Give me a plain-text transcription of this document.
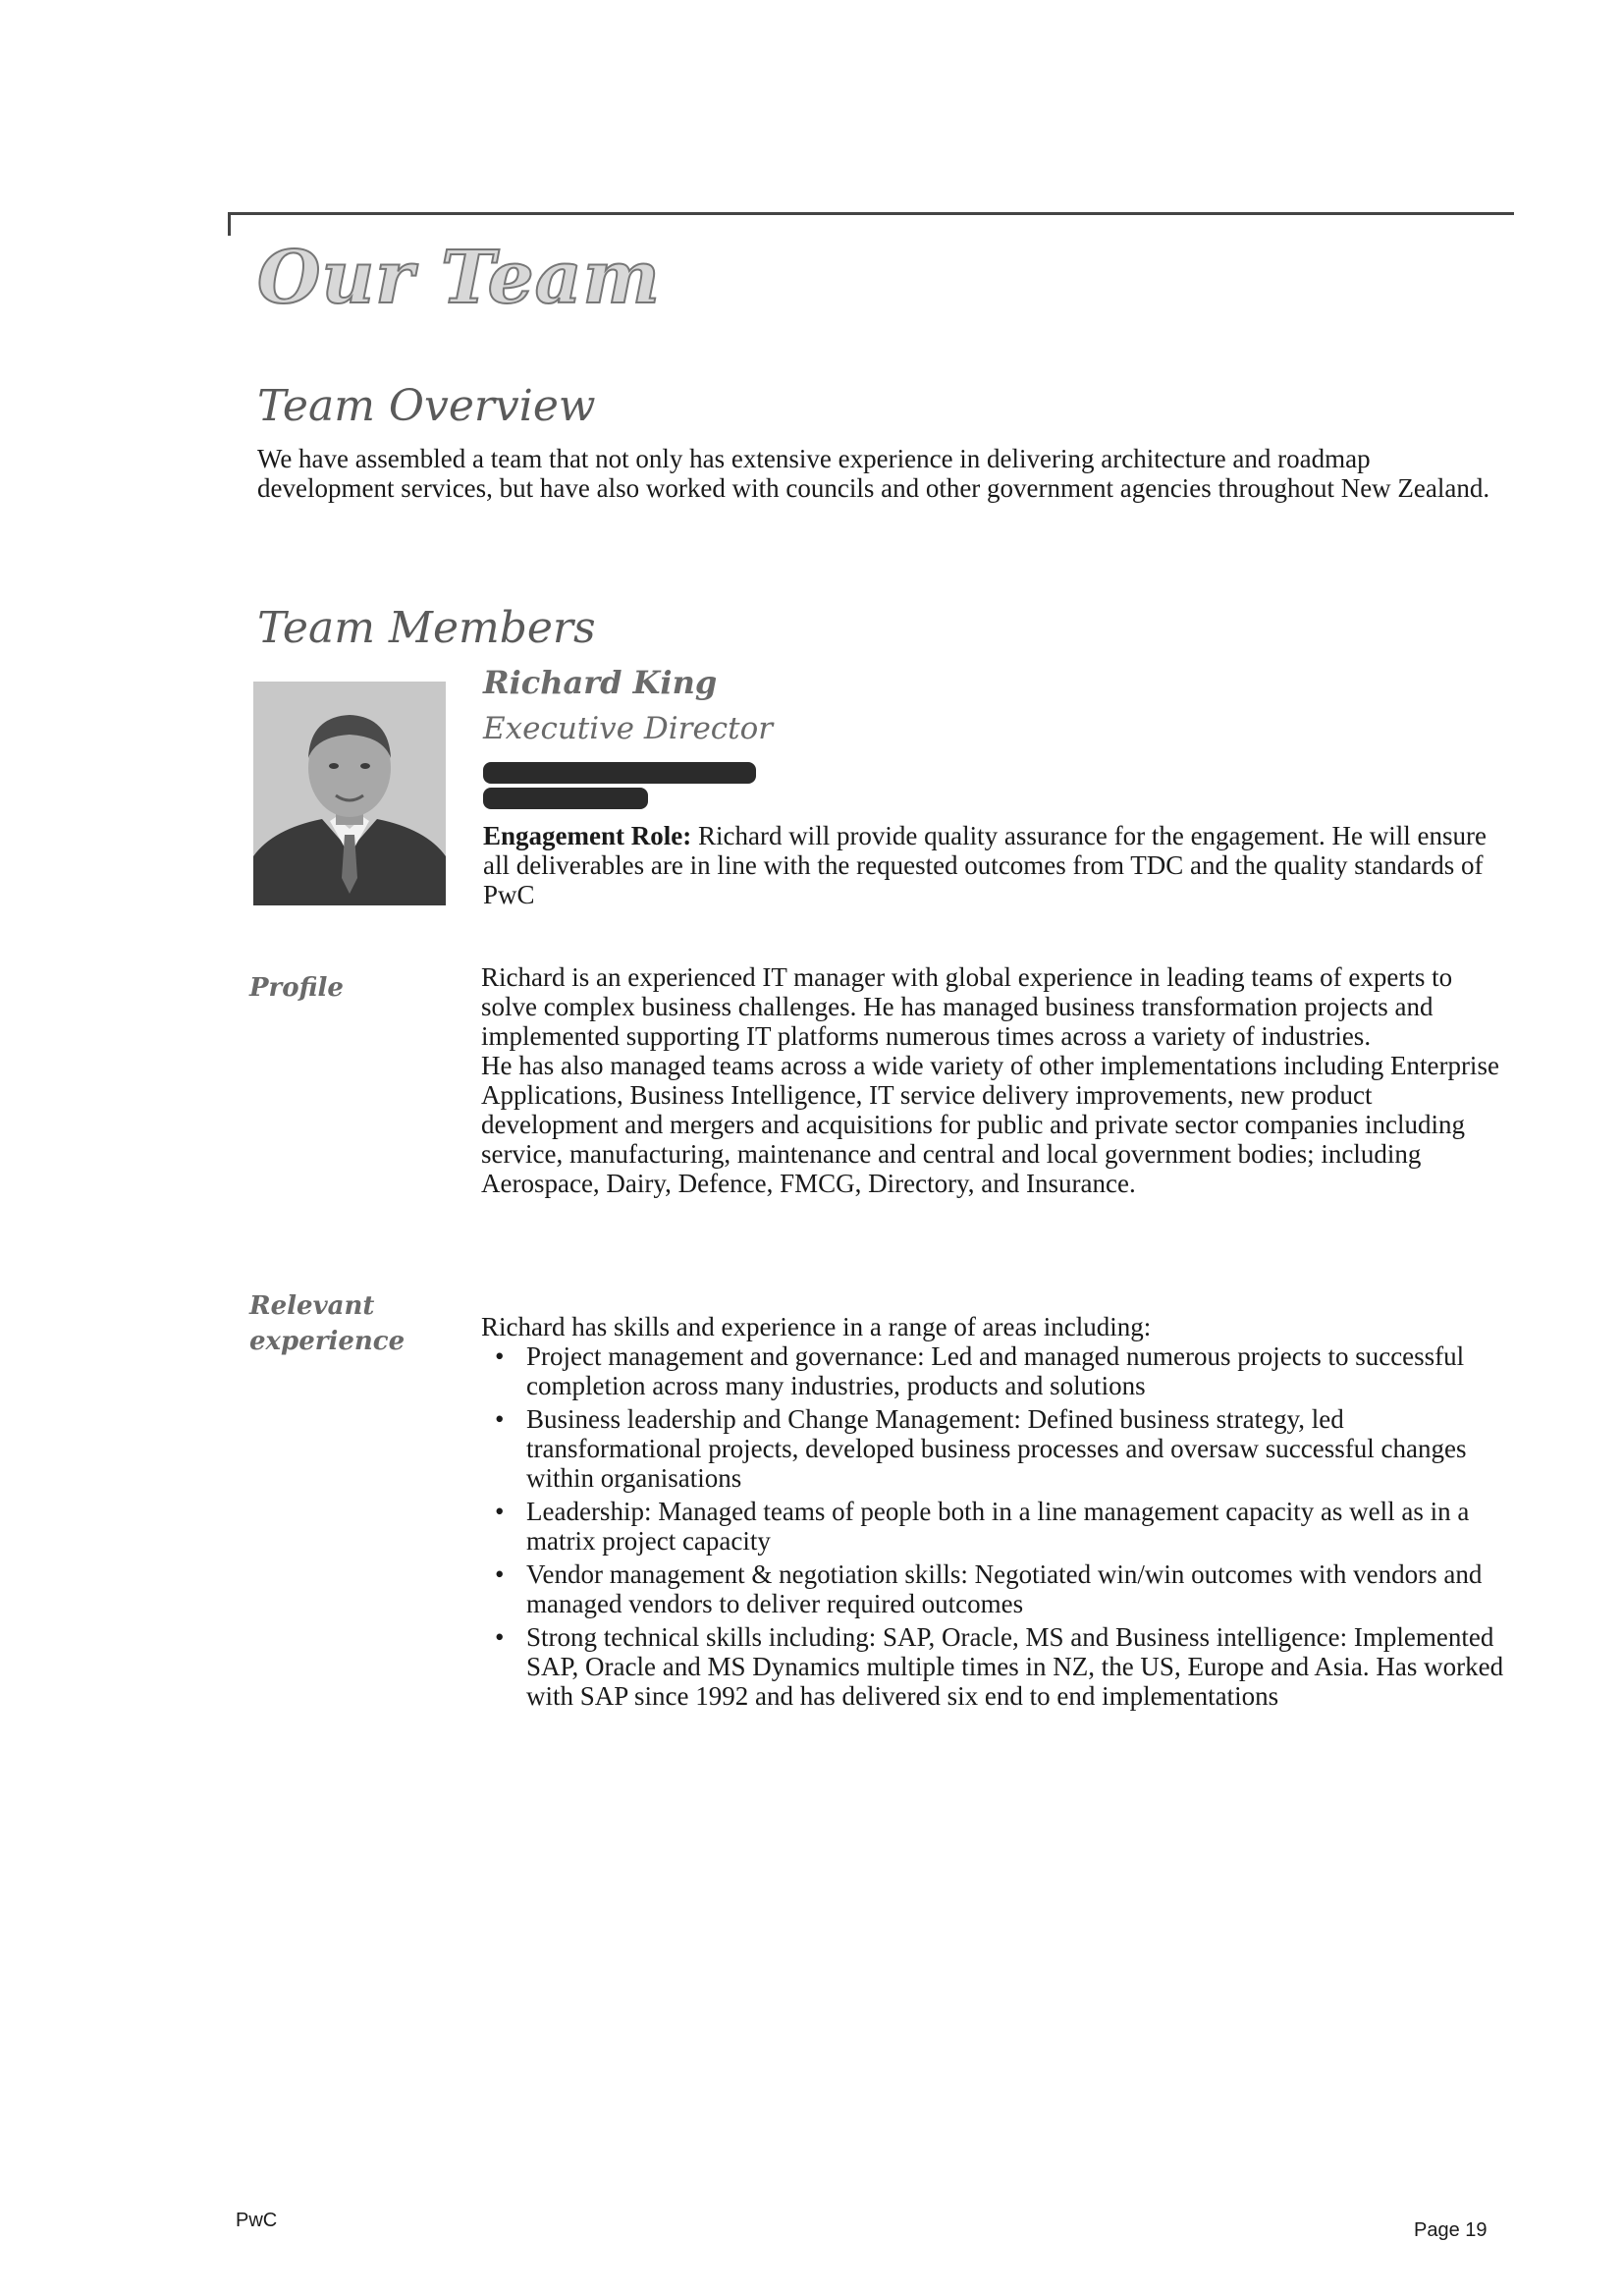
Our Team
Team Overview

We have assembled a team that not only has extensive experience in delivering architecture and roadmap development services, but have also worked with councils and other government agencies throughout New Zealand.

Team Members
Richard King

Executive Director

Engagement Role: Richard will provide quality assurance for the engagement. He will ensure all deliverables are in line with the requested outcomes from TDC and the quality standards of PwC

Profile	Richard is an experienced IT manager with global experience in leading teams of experts to solve complex business challenges. He has managed business transformation projects and implemented supporting IT platforms numerous times across a variety of industries.

He has also managed teams across a wide variety of other implementations including Enterprise Applications, Business Intelligence, IT service delivery improvements, new product development and mergers and acquisitions for public and private sector companies including service, manufacturing, maintenance and central and local government bodies; including Aerospace, Dairy, Defence, FMCG, Directory, and Insurance.

Relevant experience	Richard has skills and experience in a range of areas including:

• Project management and governance: Led and managed numerous projects to successful completion across many industries, products and solutions
• Business leadership and Change Management: Defined business strategy, led transformational projects, developed business processes and oversaw successful changes within organisations
• Leadership: Managed teams of people both in a line management capacity as well as in a matrix project capacity
• Vendor management & negotiation skills: Negotiated win/win outcomes with vendors and managed vendors to deliver required outcomes
• Strong technical skills including: SAP, Oracle, MS and Business intelligence: Implemented SAP, Oracle and MS Dynamics multiple times in NZ, the US, Europe and Asia. Has worked with SAP since 1992 and has delivered six end to end implementations

PwC	Page 19
